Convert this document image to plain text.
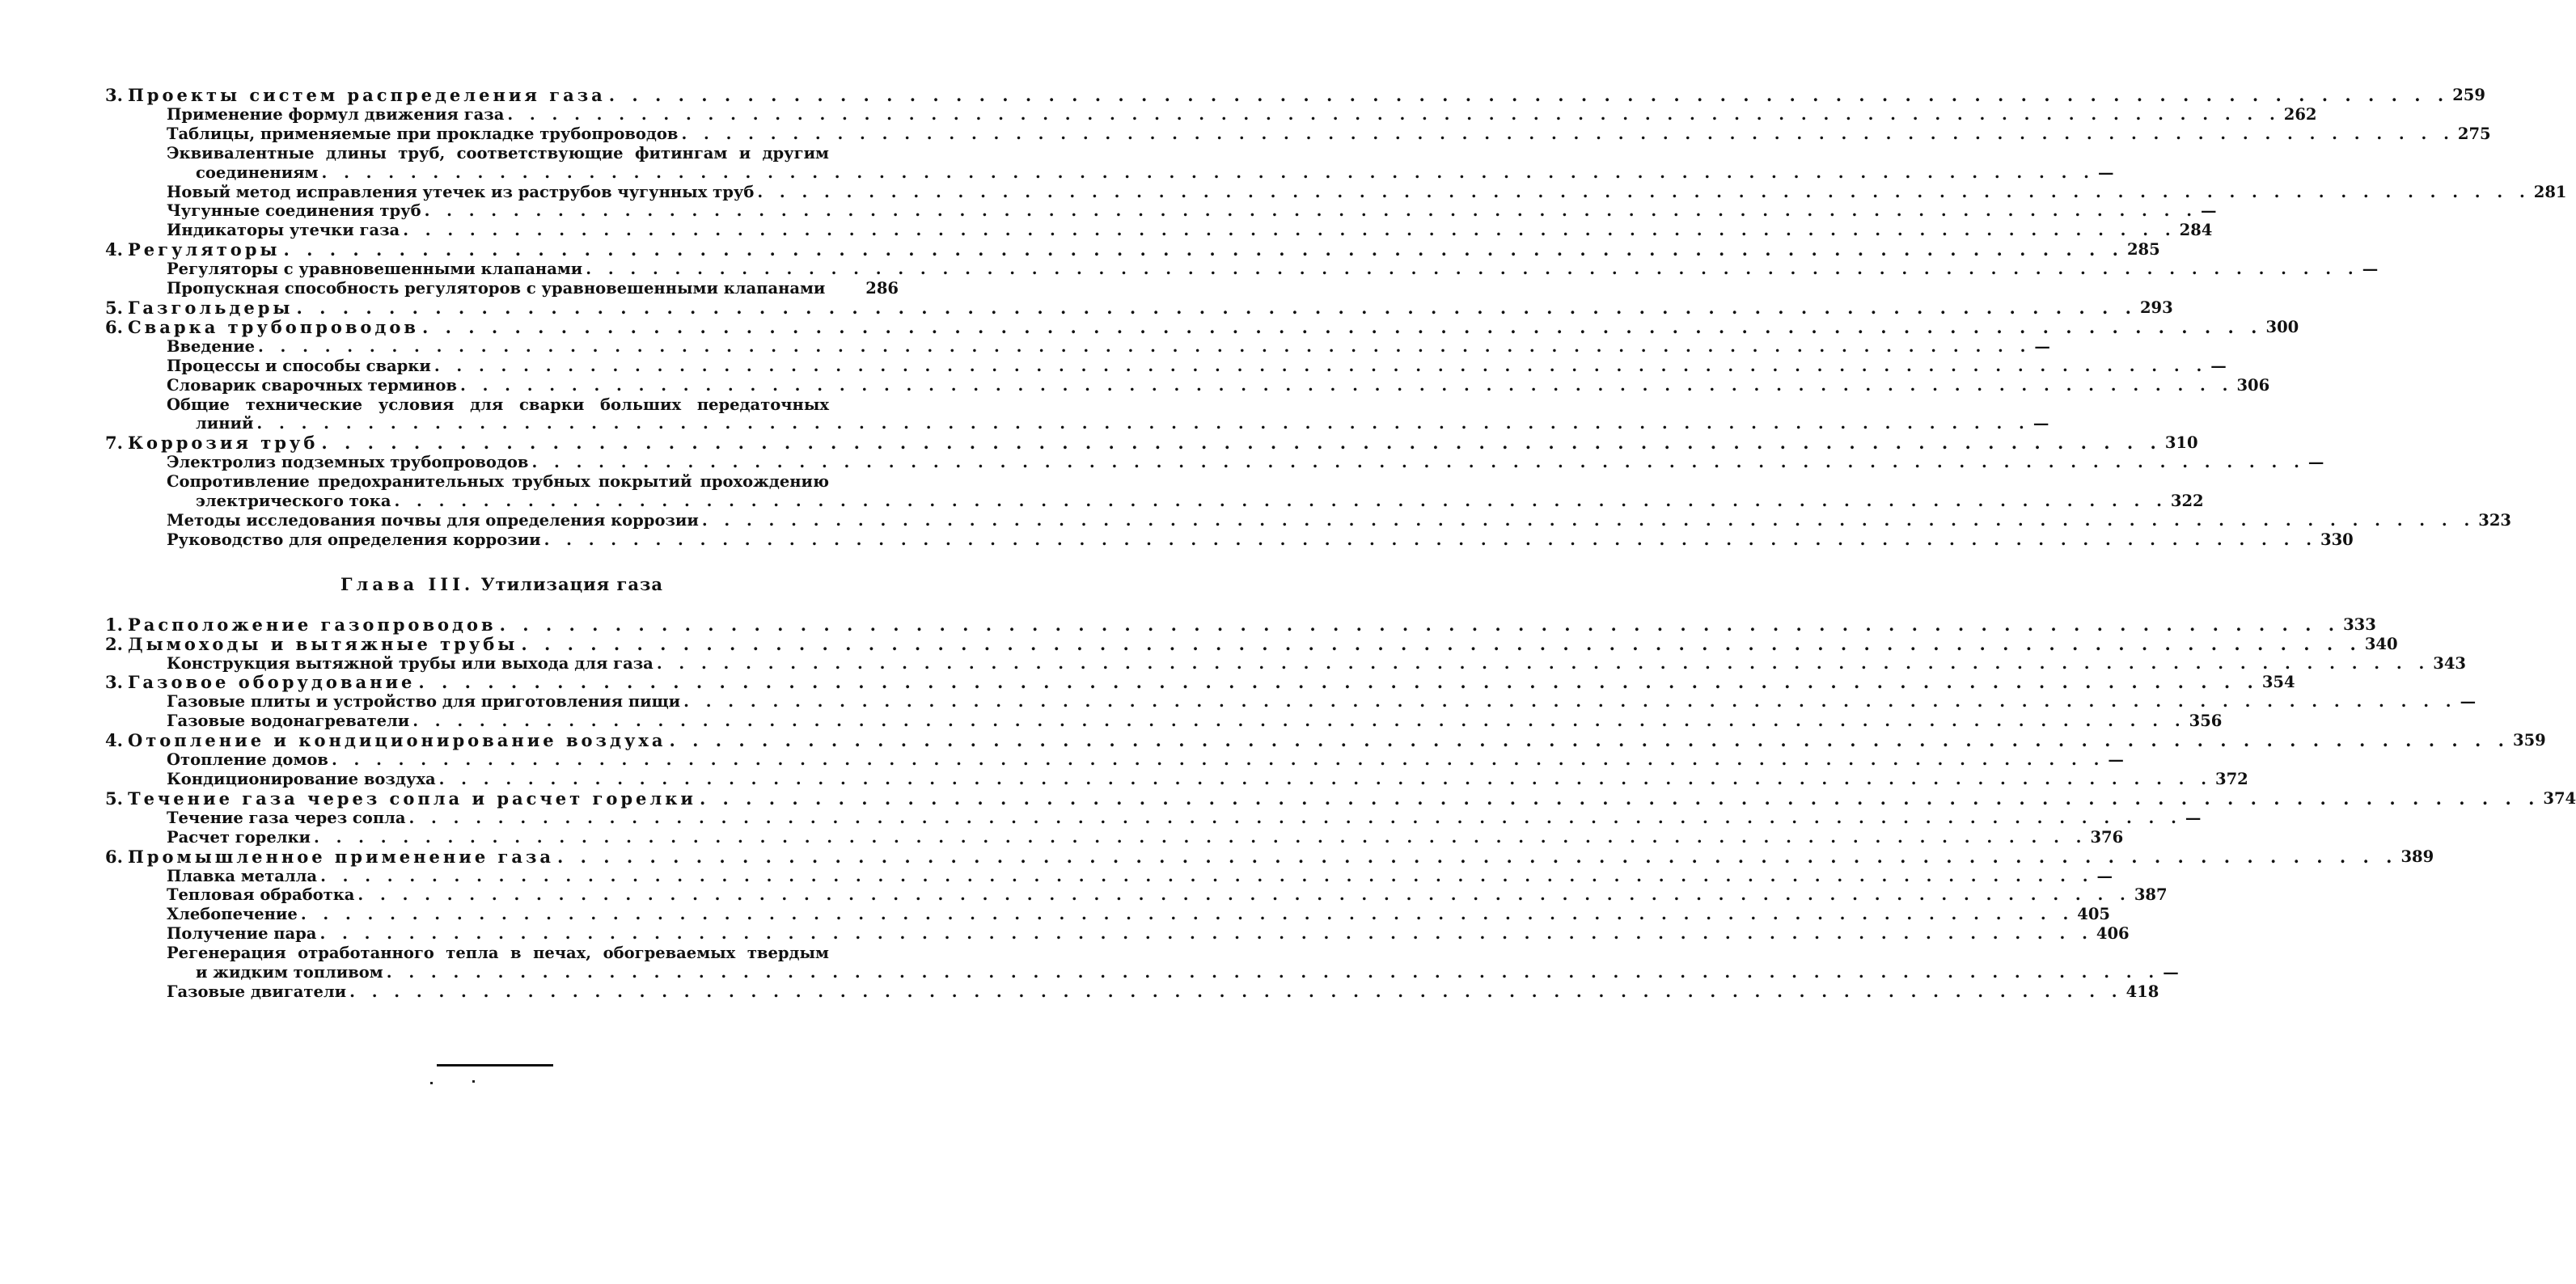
3. Проекты систем распределения газа . . . . . . . . . . . . . . . . . . . . . . . . . . . . . . . . . . . . . . . . . . . . . . . . . . . . . . . . . . . . . . . . . . . . . . . . . . . . . . . . 259
Применение формул движения газа . . . . . . . . . . . . . . . . . . . . . . . . . . . . . . . . . . . . . . . . . . . . . . . . . . . . . . . . . . . . . . . . . . . . . . . . . . . . . . . . 262
Таблицы, применяемые при прокладке трубопроводов . . . . . . . . . . . . . . . . . . . . . . . . . . . . . . . . . . . . . . . . . . . . . . . . . . . . . . . . . . . . . . . . . . . . . . . . . . . . . . . . 275
Эквивалентные длины труб, соответствующие фитингам и другим
соединениям . . . . . . . . . . . . . . . . . . . . . . . . . . . . . . . . . . . . . . . . . . . . . . . . . . . . . . . . . . . . . . . . . . . . . . . . . . . . . . . . —
Новый метод исправления утечек из раструбов чугунных труб . . . . . . . . . . . . . . . . . . . . . . . . . . . . . . . . . . . . . . . . . . . . . . . . . . . . . . . . . . . . . . . . . . . . . . . . . . . . . . . . 281
Чугунные соединения труб . . . . . . . . . . . . . . . . . . . . . . . . . . . . . . . . . . . . . . . . . . . . . . . . . . . . . . . . . . . . . . . . . . . . . . . . . . . . . . . . —
Индикаторы утечки газа . . . . . . . . . . . . . . . . . . . . . . . . . . . . . . . . . . . . . . . . . . . . . . . . . . . . . . . . . . . . . . . . . . . . . . . . . . . . . . . . 284
4. Регуляторы . . . . . . . . . . . . . . . . . . . . . . . . . . . . . . . . . . . . . . . . . . . . . . . . . . . . . . . . . . . . . . . . . . . . . . . . . . . . . . . . 285
Регуляторы с уравновешенными клапанами . . . . . . . . . . . . . . . . . . . . . . . . . . . . . . . . . . . . . . . . . . . . . . . . . . . . . . . . . . . . . . . . . . . . . . . . . . . . . . . . —
Пропускная способность регуляторов с уравновешенными клапанами	286
5. Газгольдеры . . . . . . . . . . . . . . . . . . . . . . . . . . . . . . . . . . . . . . . . . . . . . . . . . . . . . . . . . . . . . . . . . . . . . . . . . . . . . . . . 293
6. Сварка трубопроводов . . . . . . . . . . . . . . . . . . . . . . . . . . . . . . . . . . . . . . . . . . . . . . . . . . . . . . . . . . . . . . . . . . . . . . . . . . . . . . . . 300
Введение . . . . . . . . . . . . . . . . . . . . . . . . . . . . . . . . . . . . . . . . . . . . . . . . . . . . . . . . . . . . . . . . . . . . . . . . . . . . . . . . —
Процессы и способы сварки . . . . . . . . . . . . . . . . . . . . . . . . . . . . . . . . . . . . . . . . . . . . . . . . . . . . . . . . . . . . . . . . . . . . . . . . . . . . . . . . —
Словарик сварочных терминов . . . . . . . . . . . . . . . . . . . . . . . . . . . . . . . . . . . . . . . . . . . . . . . . . . . . . . . . . . . . . . . . . . . . . . . . . . . . . . . . 306
Общие технические условия для сварки больших передаточных
линий . . . . . . . . . . . . . . . . . . . . . . . . . . . . . . . . . . . . . . . . . . . . . . . . . . . . . . . . . . . . . . . . . . . . . . . . . . . . . . . . —
7. Коррозия труб . . . . . . . . . . . . . . . . . . . . . . . . . . . . . . . . . . . . . . . . . . . . . . . . . . . . . . . . . . . . . . . . . . . . . . . . . . . . . . . . 310
Электролиз подземных трубопроводов . . . . . . . . . . . . . . . . . . . . . . . . . . . . . . . . . . . . . . . . . . . . . . . . . . . . . . . . . . . . . . . . . . . . . . . . . . . . . . . . —
Сопротивление предохранительных трубных покрытий прохождению
электрического тока . . . . . . . . . . . . . . . . . . . . . . . . . . . . . . . . . . . . . . . . . . . . . . . . . . . . . . . . . . . . . . . . . . . . . . . . . . . . . . . . 322
Методы исследования почвы для определения коррозии . . . . . . . . . . . . . . . . . . . . . . . . . . . . . . . . . . . . . . . . . . . . . . . . . . . . . . . . . . . . . . . . . . . . . . . . . . . . . . . . 323
Руководство для определения коррозии . . . . . . . . . . . . . . . . . . . . . . . . . . . . . . . . . . . . . . . . . . . . . . . . . . . . . . . . . . . . . . . . . . . . . . . . . . . . . . . . 330
Глава III. Утилизация газа
1. Расположение газопроводов . . . . . . . . . . . . . . . . . . . . . . . . . . . . . . . . . . . . . . . . . . . . . . . . . . . . . . . . . . . . . . . . . . . . . . . . . . . . . . . . 333
2. Дымоходы и вытяжные трубы . . . . . . . . . . . . . . . . . . . . . . . . . . . . . . . . . . . . . . . . . . . . . . . . . . . . . . . . . . . . . . . . . . . . . . . . . . . . . . . . 340
Конструкция вытяжной трубы или выхода для газа . . . . . . . . . . . . . . . . . . . . . . . . . . . . . . . . . . . . . . . . . . . . . . . . . . . . . . . . . . . . . . . . . . . . . . . . . . . . . . . . 343
3. Газовое оборудование . . . . . . . . . . . . . . . . . . . . . . . . . . . . . . . . . . . . . . . . . . . . . . . . . . . . . . . . . . . . . . . . . . . . . . . . . . . . . . . . 354
Газовые плиты и устройство для приготовления пищи . . . . . . . . . . . . . . . . . . . . . . . . . . . . . . . . . . . . . . . . . . . . . . . . . . . . . . . . . . . . . . . . . . . . . . . . . . . . . . . . —
Газовые водонагреватели . . . . . . . . . . . . . . . . . . . . . . . . . . . . . . . . . . . . . . . . . . . . . . . . . . . . . . . . . . . . . . . . . . . . . . . . . . . . . . . . 356
4. Отопление и кондиционирование воздуха . . . . . . . . . . . . . . . . . . . . . . . . . . . . . . . . . . . . . . . . . . . . . . . . . . . . . . . . . . . . . . . . . . . . . . . . . . . . . . . . 359
Отопление домов . . . . . . . . . . . . . . . . . . . . . . . . . . . . . . . . . . . . . . . . . . . . . . . . . . . . . . . . . . . . . . . . . . . . . . . . . . . . . . . . —
Кондиционирование воздуха . . . . . . . . . . . . . . . . . . . . . . . . . . . . . . . . . . . . . . . . . . . . . . . . . . . . . . . . . . . . . . . . . . . . . . . . . . . . . . . . 372
5. Течение газа через сопла и расчет горелки . . . . . . . . . . . . . . . . . . . . . . . . . . . . . . . . . . . . . . . . . . . . . . . . . . . . . . . . . . . . . . . . . . . . . . . . . . . . . . . . 374
Течение газа через сопла . . . . . . . . . . . . . . . . . . . . . . . . . . . . . . . . . . . . . . . . . . . . . . . . . . . . . . . . . . . . . . . . . . . . . . . . . . . . . . . . —
Расчет горелки . . . . . . . . . . . . . . . . . . . . . . . . . . . . . . . . . . . . . . . . . . . . . . . . . . . . . . . . . . . . . . . . . . . . . . . . . . . . . . . . 376
6. Промышленное применение газа . . . . . . . . . . . . . . . . . . . . . . . . . . . . . . . . . . . . . . . . . . . . . . . . . . . . . . . . . . . . . . . . . . . . . . . . . . . . . . . . 389
Плавка металла . . . . . . . . . . . . . . . . . . . . . . . . . . . . . . . . . . . . . . . . . . . . . . . . . . . . . . . . . . . . . . . . . . . . . . . . . . . . . . . . —
Тепловая обработка . . . . . . . . . . . . . . . . . . . . . . . . . . . . . . . . . . . . . . . . . . . . . . . . . . . . . . . . . . . . . . . . . . . . . . . . . . . . . . . . 387
Хлебопечение . . . . . . . . . . . . . . . . . . . . . . . . . . . . . . . . . . . . . . . . . . . . . . . . . . . . . . . . . . . . . . . . . . . . . . . . . . . . . . . . 405
Получение пара . . . . . . . . . . . . . . . . . . . . . . . . . . . . . . . . . . . . . . . . . . . . . . . . . . . . . . . . . . . . . . . . . . . . . . . . . . . . . . . . 406
Регенерация отработанного тепла в печах, обогреваемых твердым
и жидким топливом . . . . . . . . . . . . . . . . . . . . . . . . . . . . . . . . . . . . . . . . . . . . . . . . . . . . . . . . . . . . . . . . . . . . . . . . . . . . . . . . —
Газовые двигатели . . . . . . . . . . . . . . . . . . . . . . . . . . . . . . . . . . . . . . . . . . . . . . . . . . . . . . . . . . . . . . . . . . . . . . . . . . . . . . . . 418
